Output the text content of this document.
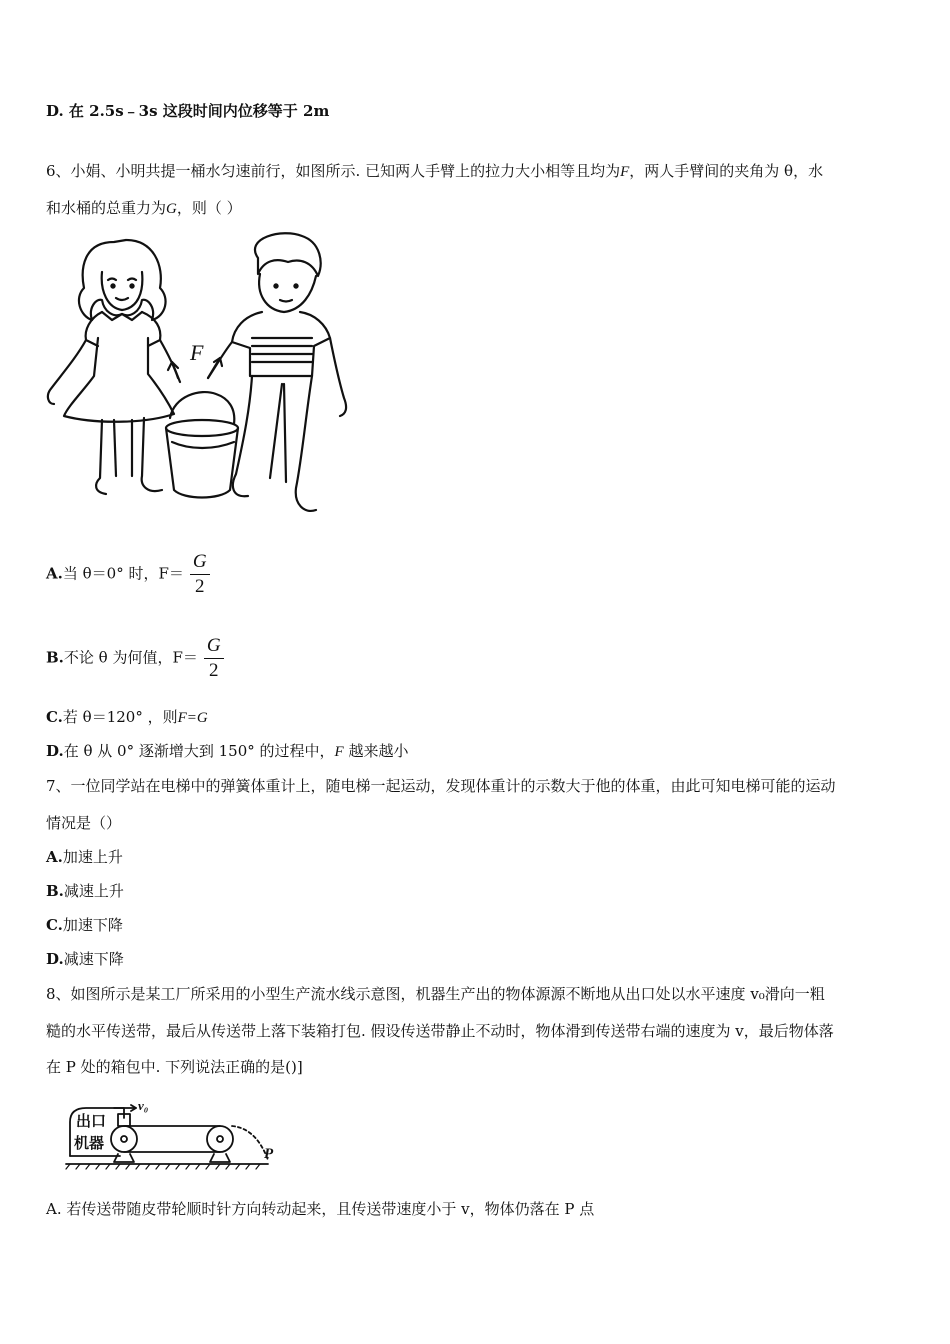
D. 在 2.5s﹣3s 这段时间内位移等于 2m
6、小娟、小明共提一桶水匀速前行，如图所示. 已知两人手臂上的拉力大小相等且均为F，两人手臂间的夹角为 θ，水
和水桶的总重力为G，则（ ）
F
A.当 θ＝0° 时，$F= \frac{G}{2}$
B.不论 θ 为何值，$F= \frac{G}{2}$
C.若 θ＝120° ，则F=G
D.在 θ 从 0° 逐渐增大到 150° 的过程中，F 越来越小
7、一位同学站在电梯中的弹簧体重计上，随电梯一起运动，发现体重计的示数大于他的体重，由此可知电梯可能的运动
情况是（）
A.加速上升
B.减速上升
C.加速下降
D.减速下降
8、如图所示是某工厂所采用的小型生产流水线示意图，机器生产出的物体源源不断地从出口处以水平速度 v₀滑向一粗
糙的水平传送带，最后从传送带上落下装箱打包. 假设传送带静止不动时，物体滑到传送带右端的速度为 v，最后物体落
在 P 处的箱包中. 下列说法正确的是()]
出口
机器
v₀
P
A. 若传送带随皮带轮顺时针方向转动起来，且传送带速度小于 v，物体仍落在 P 点
